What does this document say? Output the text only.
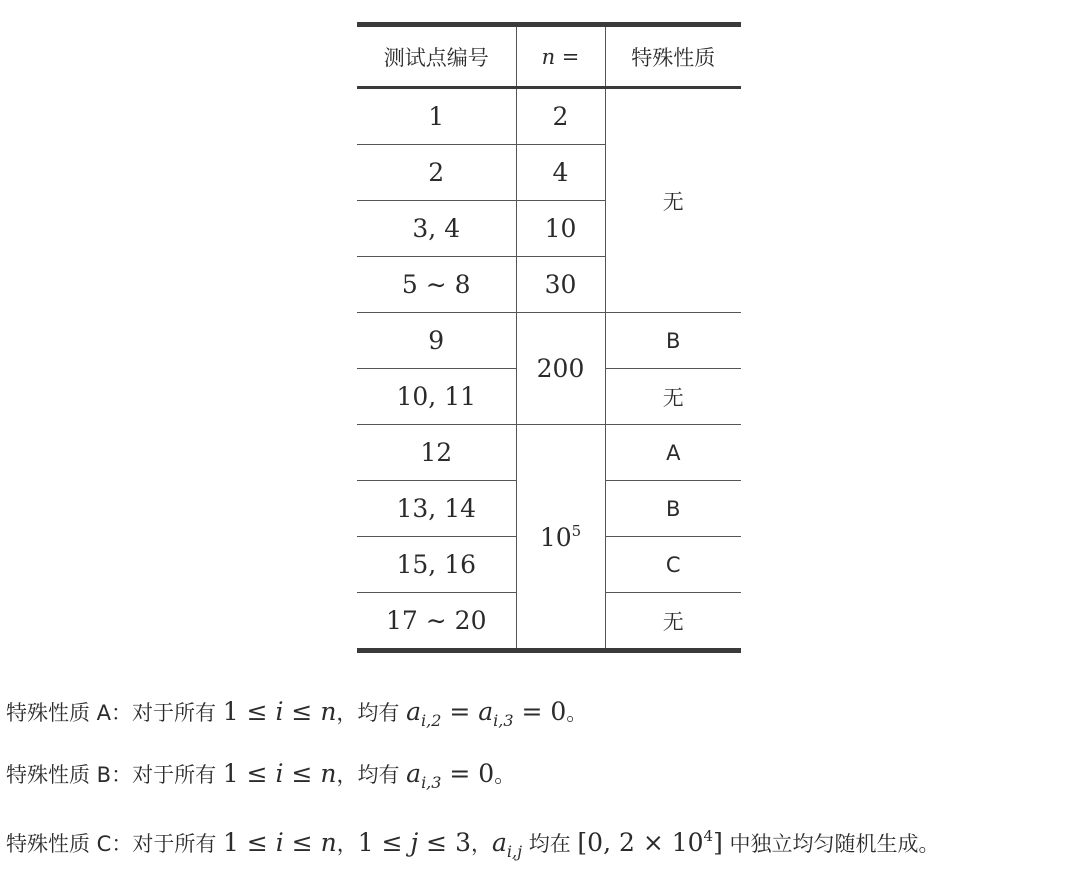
测试点编号	n =	特殊性质
1	2	无
2	4	
3, 4	10	
5 ∼ 8	30	
9	200	B
10, 11		无
12	$10^5$	A
13, 14		B
15, 16		C
17 ∼ 20		无
特殊性质 A：对于所有 1 ≤ i ≤ n，均有 $a_{i,2} = a_{i,3} = 0$。
特殊性质 B：对于所有 1 ≤ i ≤ n，均有 $a_{i,3} = 0$。
特殊性质 C：对于所有 1 ≤ i ≤ n，1 ≤ j ≤ 3，$a_{i,j}$ 均在 [0, $2 \times 10^4$] 中独立均匀随机生成。
